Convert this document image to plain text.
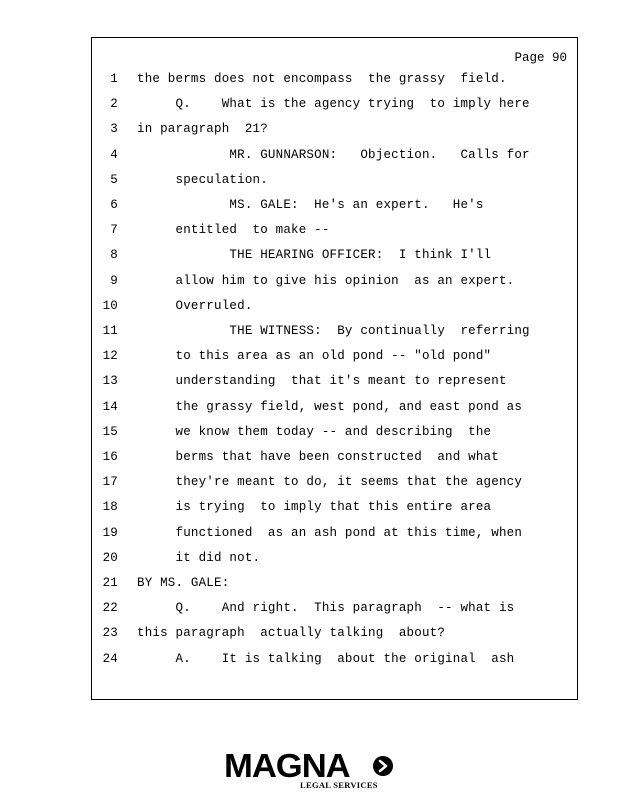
Page 90
1 the berms does not encompass  the grassy  field.
2 Q.    What is the agency trying  to imply here
3 in paragraph  21?
4 MR. GUNNARSON:   Objection.   Calls for
5 speculation.
6 MS. GALE:  He's an expert.   He's
7 entitled  to make --
8 THE HEARING OFFICER:  I think I'll
9 allow him to give his opinion  as an expert.
10 Overruled.
11 THE WITNESS:  By continually  referring
12 to this area as an old pond -- "old pond"
13 understanding  that it's meant to represent
14 the grassy field, west pond, and east pond as
15 we know them today -- and describing  the
16 berms that have been constructed  and what
17 they're meant to do, it seems that the agency
18 is trying  to imply that this entire area
19 functioned  as an ash pond at this time, when
20 it did not.
21 BY MS. GALE:
22 Q.    And right.  This paragraph  -- what is
23 this paragraph  actually talking  about?
24 A.    It is talking  about the original  ash
MAGNA
LEGAL SERVICES
